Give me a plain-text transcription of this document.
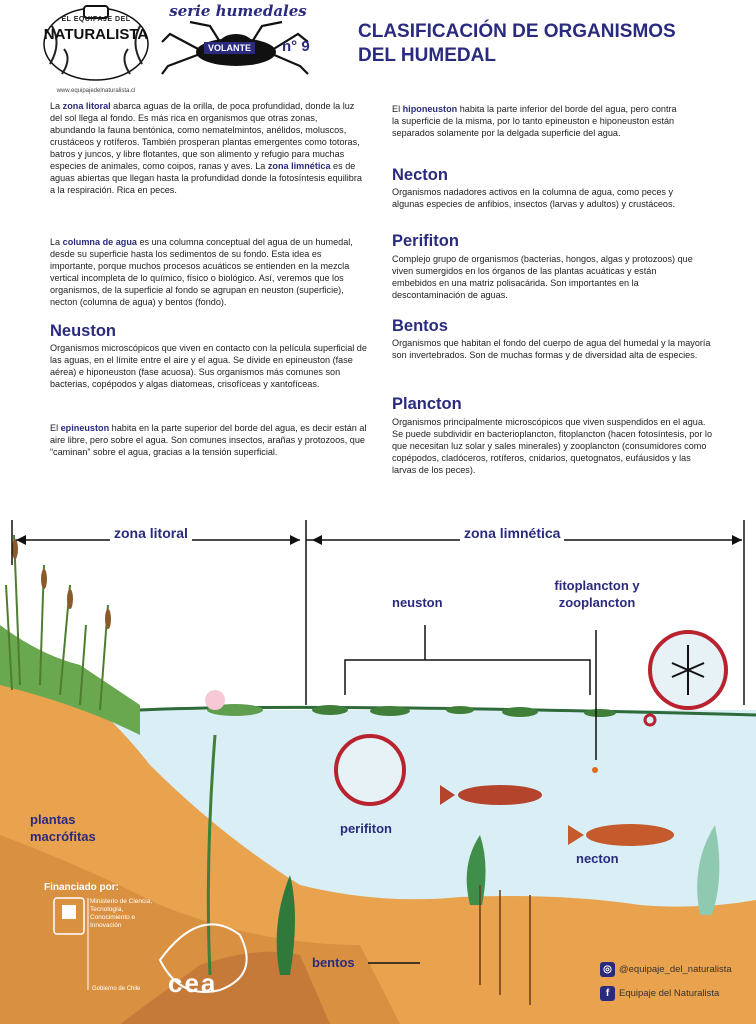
EL EQUIPAJE DEL
NATURALISTA
www.equipajedelnaturalista.cl
serie humedales
VOLANTE n° 9
CLASIFICACIÓN DE ORGANISMOS DEL HUMEDAL
La zona litoral abarca aguas de la orilla, de poca profundidad, donde la luz del sol llega al fondo. Es más rica en organismos que otras zonas, abundando la fauna bentónica, como nematelmintos, anélidos, moluscos, crustáceos y rotíferos. También prosperan plantas emergentes como totoras, batros y juncos, y libre flotantes, que son alimento y refugio para muchas especies de animales, como coipos, ranas y aves. La zona limnética es de aguas abiertas que llegan hasta la profundidad donde la fotosíntesis equilibra a la respiración. Rica en peces.
La columna de agua es una columna conceptual del agua de un humedal, desde su superficie hasta los sedimentos de su fondo. Esta idea es importante, porque muchos procesos acuáticos se entienden en la mezcla vertical incompleta de lo químico, físico o biológico. Así, veremos que los organismos, de la superficie al fondo se agrupan en neuston (superficie), necton (columna de agua) y bentos (fondo).
Neuston
Organismos microscópicos que viven en contacto con la película superficial de las aguas, en el límite entre el aire y el agua. Se divide en epineuston (fase aérea) e hiponeuston (fase acuosa). Sus organismos más comunes son bacterias, copépodos y algas diatomeas, crisofíceas y xantofíceas.
El epineuston habita en la parte superior del borde del agua, es decir están al aire libre, pero sobre el agua. Son comunes insectos, arañas y protozoos, que “caminan” sobre el agua, gracias a la tensión superficial.
El hiponeuston habita la parte inferior del borde del agua, pero contra la superficie de la misma, por lo tanto epineuston e hiponeuston están separados solamente por la delgada superficie del agua.
Necton
Organismos nadadores activos en la columna de agua, como peces y algunas especies de anfibios, insectos (larvas y adultos) y crustáceos.
Perifiton
Complejo grupo de organismos (bacterias, hongos, algas y protozoos) que viven sumergidos en los órganos de las plantas acuáticas y están embebidos en una matriz polisacárida. Son importantes en la descontaminación de aguas.
Bentos
Organismos que habitan el fondo del cuerpo de agua del humedal y la mayoría son invertebrados. Son de muchas formas y de diversidad alta de especies.
Plancton
Organismos principalmente microscópicos que viven suspendidos en el agua. Se puede subdividir en bacterioplancton, fitoplancton (hacen fotosíntesis, por lo que necesitan luz solar y sales minerales) y zooplancton (consumidores como copépodos, cladóceros, rotíferos, cnidarios, quetognatos, eufáusidos y las larvas de los peces).
zona litoral	zona limnética
neuston
fitoplancton y
zooplancton
plantas
macrófitas
perifiton
necton
bentos
Financiado por:
Ministerio de Ciencia, Tecnología, Conocimiento e Innovación
Gobierno de Chile cea	◎ @equipaje_del_naturalista
f	Equipaje del Naturalista
